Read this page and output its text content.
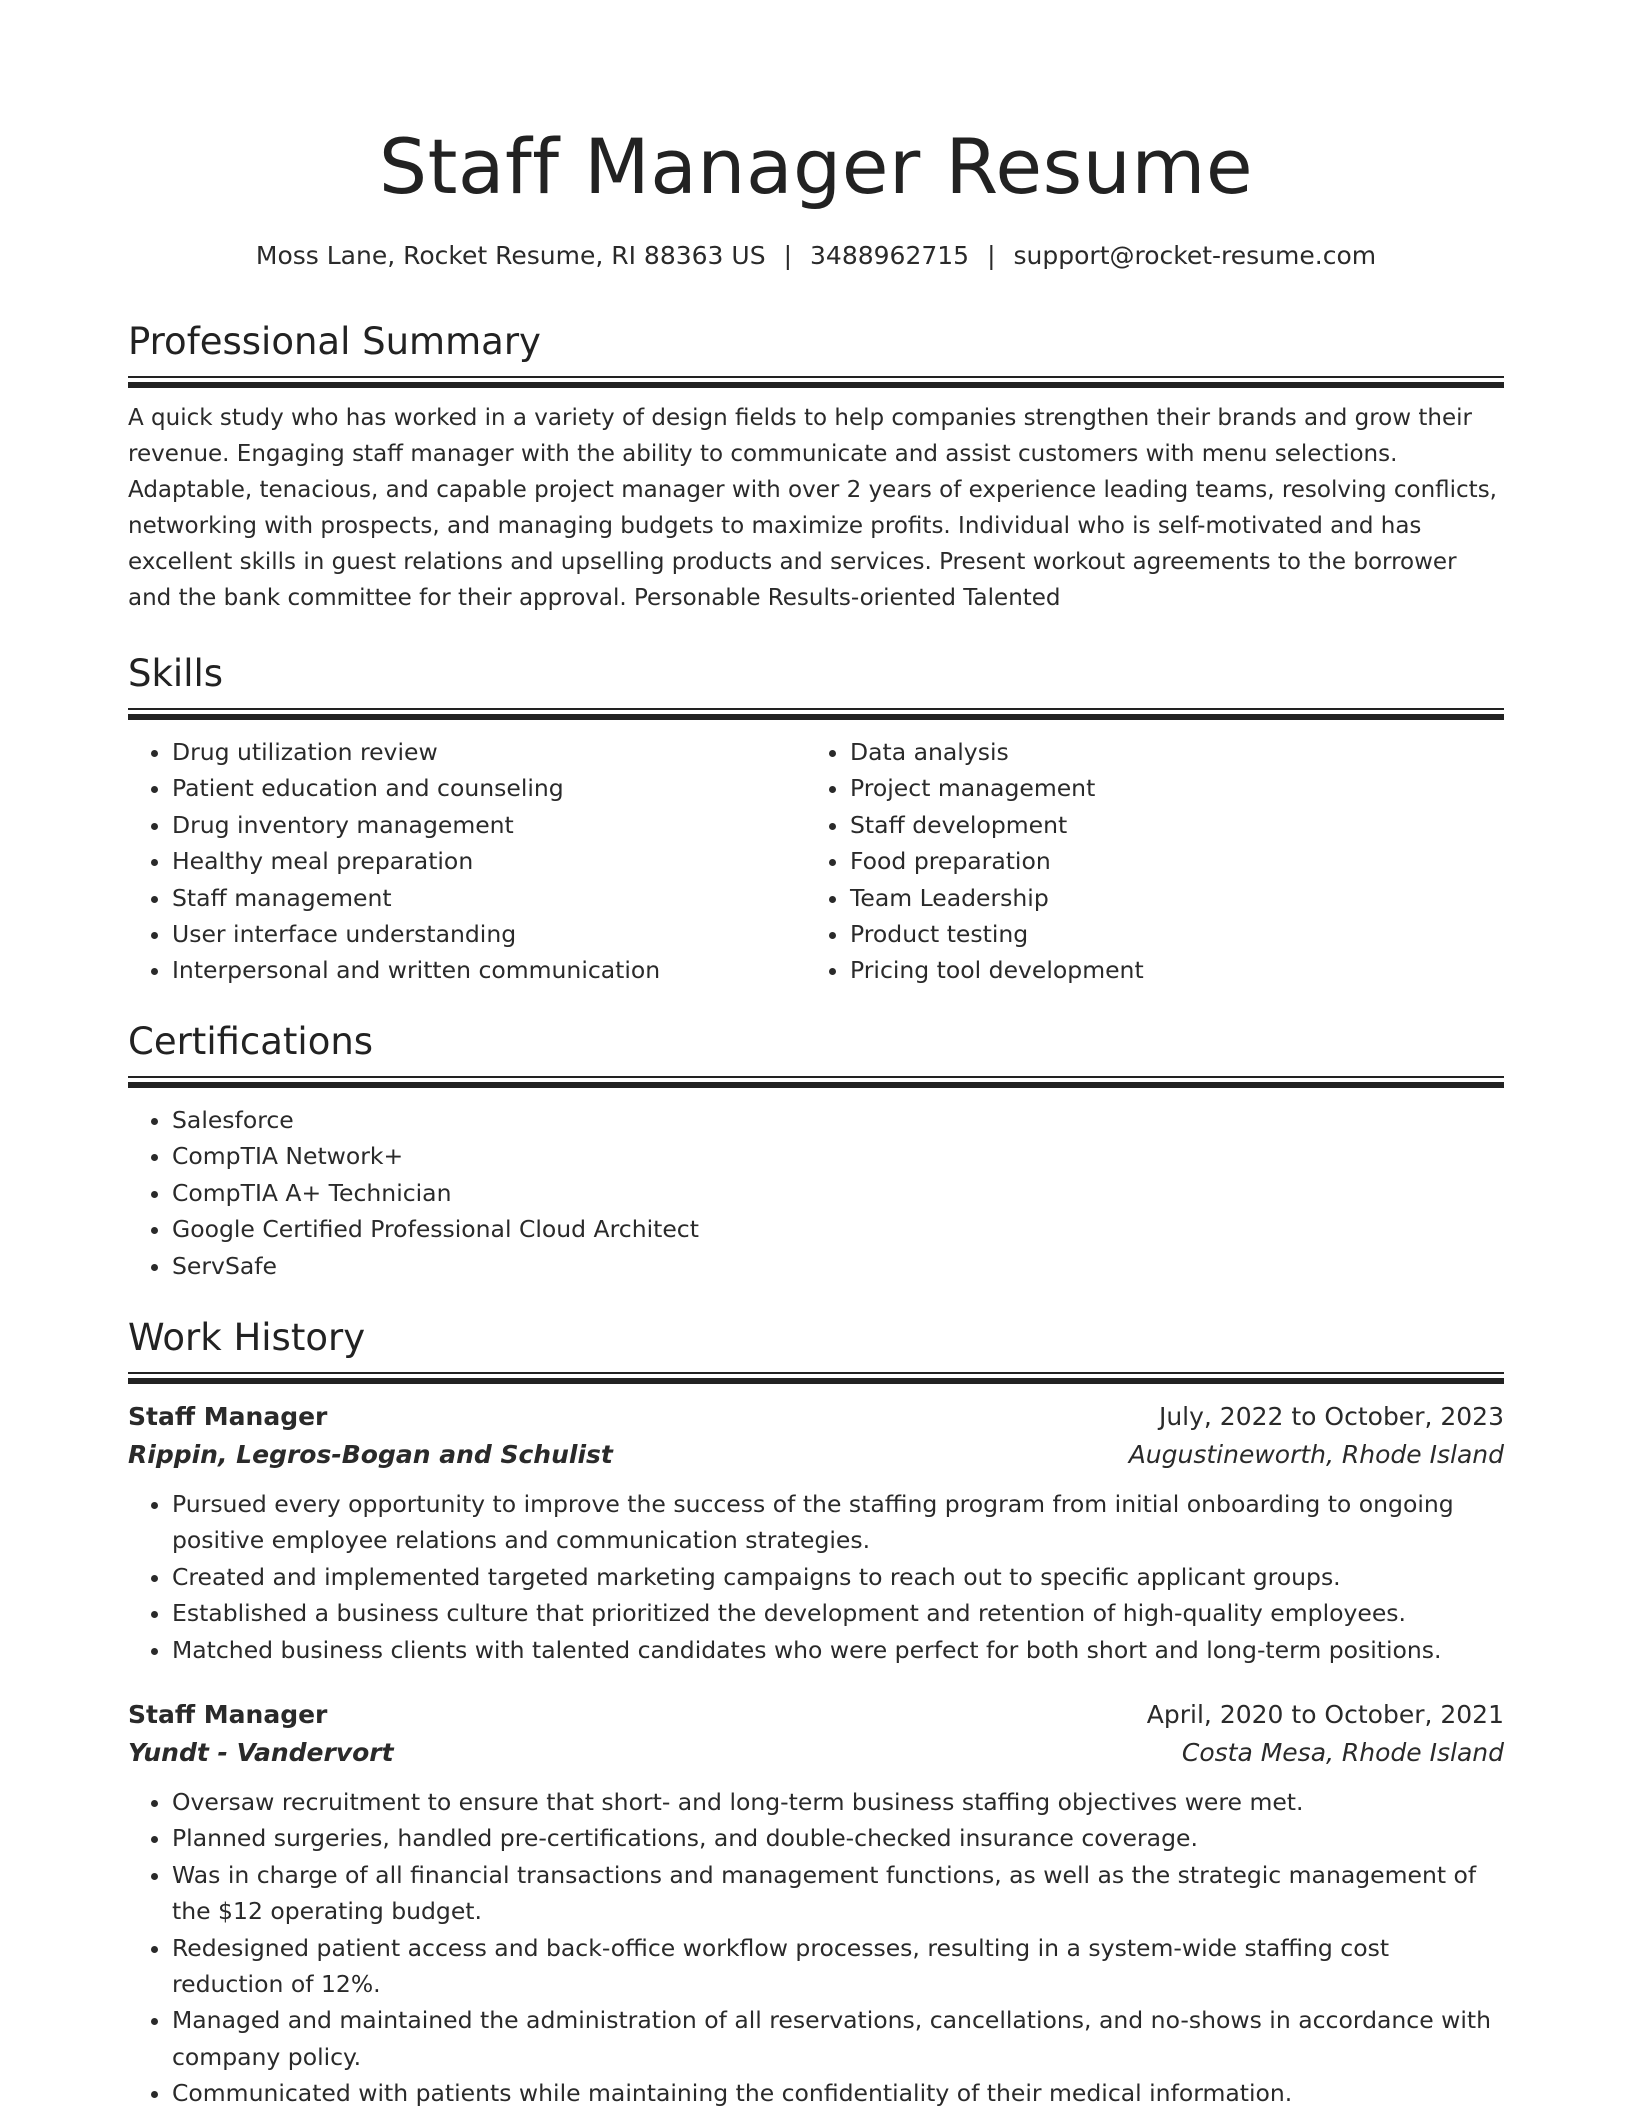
Staff Manager Resume
Moss Lane, Rocket Resume, RI 88363 US | 3488962715 | support@rocket-resume.com
Professional Summary
A quick study who has worked in a variety of design fields to help companies strengthen their brands and grow their revenue. Engaging staff manager with the ability to communicate and assist customers with menu selections. Adaptable, tenacious, and capable project manager with over 2 years of experience leading teams, resolving conflicts, networking with prospects, and managing budgets to maximize profits. Individual who is self-motivated and has excellent skills in guest relations and upselling products and services. Present workout agreements to the borrower and the bank committee for their approval. Personable Results-oriented Talented
Skills
• Drug utilization review
• Patient education and counseling
• Drug inventory management
• Healthy meal preparation
• Staff management
• User interface understanding
• Interpersonal and written communication
• Data analysis
• Project management
• Staff development
• Food preparation
• Team Leadership
• Product testing
• Pricing tool development
Certifications
• Salesforce
• CompTIA Network+
• CompTIA A+ Technician
• Google Certified Professional Cloud Architect
• ServSafe
Work History
Staff Manager	July, 2022 to October, 2023
Rippin, Legros-Bogan and Schulist	Augustineworth, Rhode Island
• Pursued every opportunity to improve the success of the staffing program from initial onboarding to ongoing positive employee relations and communication strategies.
• Created and implemented targeted marketing campaigns to reach out to specific applicant groups.
• Established a business culture that prioritized the development and retention of high-quality employees.
• Matched business clients with talented candidates who were perfect for both short and long-term positions.
Staff Manager	April, 2020 to October, 2021
Yundt - Vandervort	Costa Mesa, Rhode Island
• Oversaw recruitment to ensure that short- and long-term business staffing objectives were met.
• Planned surgeries, handled pre-certifications, and double-checked insurance coverage.
• Was in charge of all financial transactions and management functions, as well as the strategic management of the $12 operating budget.
• Redesigned patient access and back-office workflow processes, resulting in a system-wide staffing cost reduction of 12%.
• Managed and maintained the administration of all reservations, cancellations, and no-shows in accordance with company policy.
• Communicated with patients while maintaining the confidentiality of their medical information.
